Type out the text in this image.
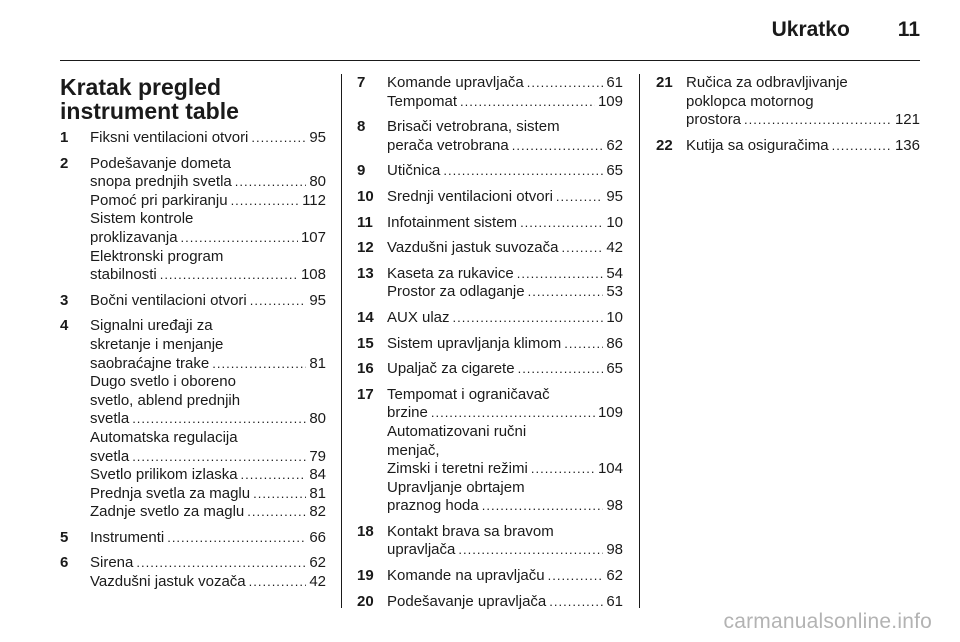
Ukratko 11
Kratak pregled instrument table
1	Fiksni ventilacioni otvori .....	95
2	Podešavanje dometa
snopa prednjih svetla .....	80
Pomoć pri parkiranju .....	112
Sistem kontrole
proklizavanja .....	107
Elektronski program
stabilnosti .....	108
3	Bočni ventilacioni otvori .....	95
4	Signalni uređaji za
skretanje i menjanje
saobraćajne trake .....	81
Dugo svetlo i oboreno
svetlo, ablend prednjih
svetla .....	80
Automatska regulacija
svetla .....	79
Svetlo prilikom izlaska .....	84
Prednja svetla za maglu .....	81
Zadnje svetlo za maglu .....	82
5	Instrumenti .....	66
6	Sirena .....	62
Vazdušni jastuk vozača .....	42
7	Komande upravljača .....	61
Tempomat .....	109
8	Brisači vetrobrana, sistem
perača vetrobrana .....	62
9	Utičnica .....	65
10 Srednji ventilacioni otvori .....	95
11 Infotainment sistem .....	10
12 Vazdušni jastuk suvozača .....	42
13 Kaseta za rukavice .....	54
Prostor za odlaganje .....	53
14 AUX ulaz .....	10
15 Sistem upravljanja klimom .....	86
16 Upaljač za cigarete .....	65
17 Tempomat i ograničavač
brzine .....	109
Automatizovani ručni
menjač,
Zimski i teretni režimi .....	104
Upravljanje obrtajem
praznog hoda .....	98
18 Kontakt brava sa bravom
upravljača .....	98
19 Komande na upravljaču .....	62
20 Podešavanje upravljača .....	61
21 Ručica za odbravljivanje
poklopca motornog
prostora .....	121
22 Kutija sa osiguračima .....	136
carmanualsonline.info
